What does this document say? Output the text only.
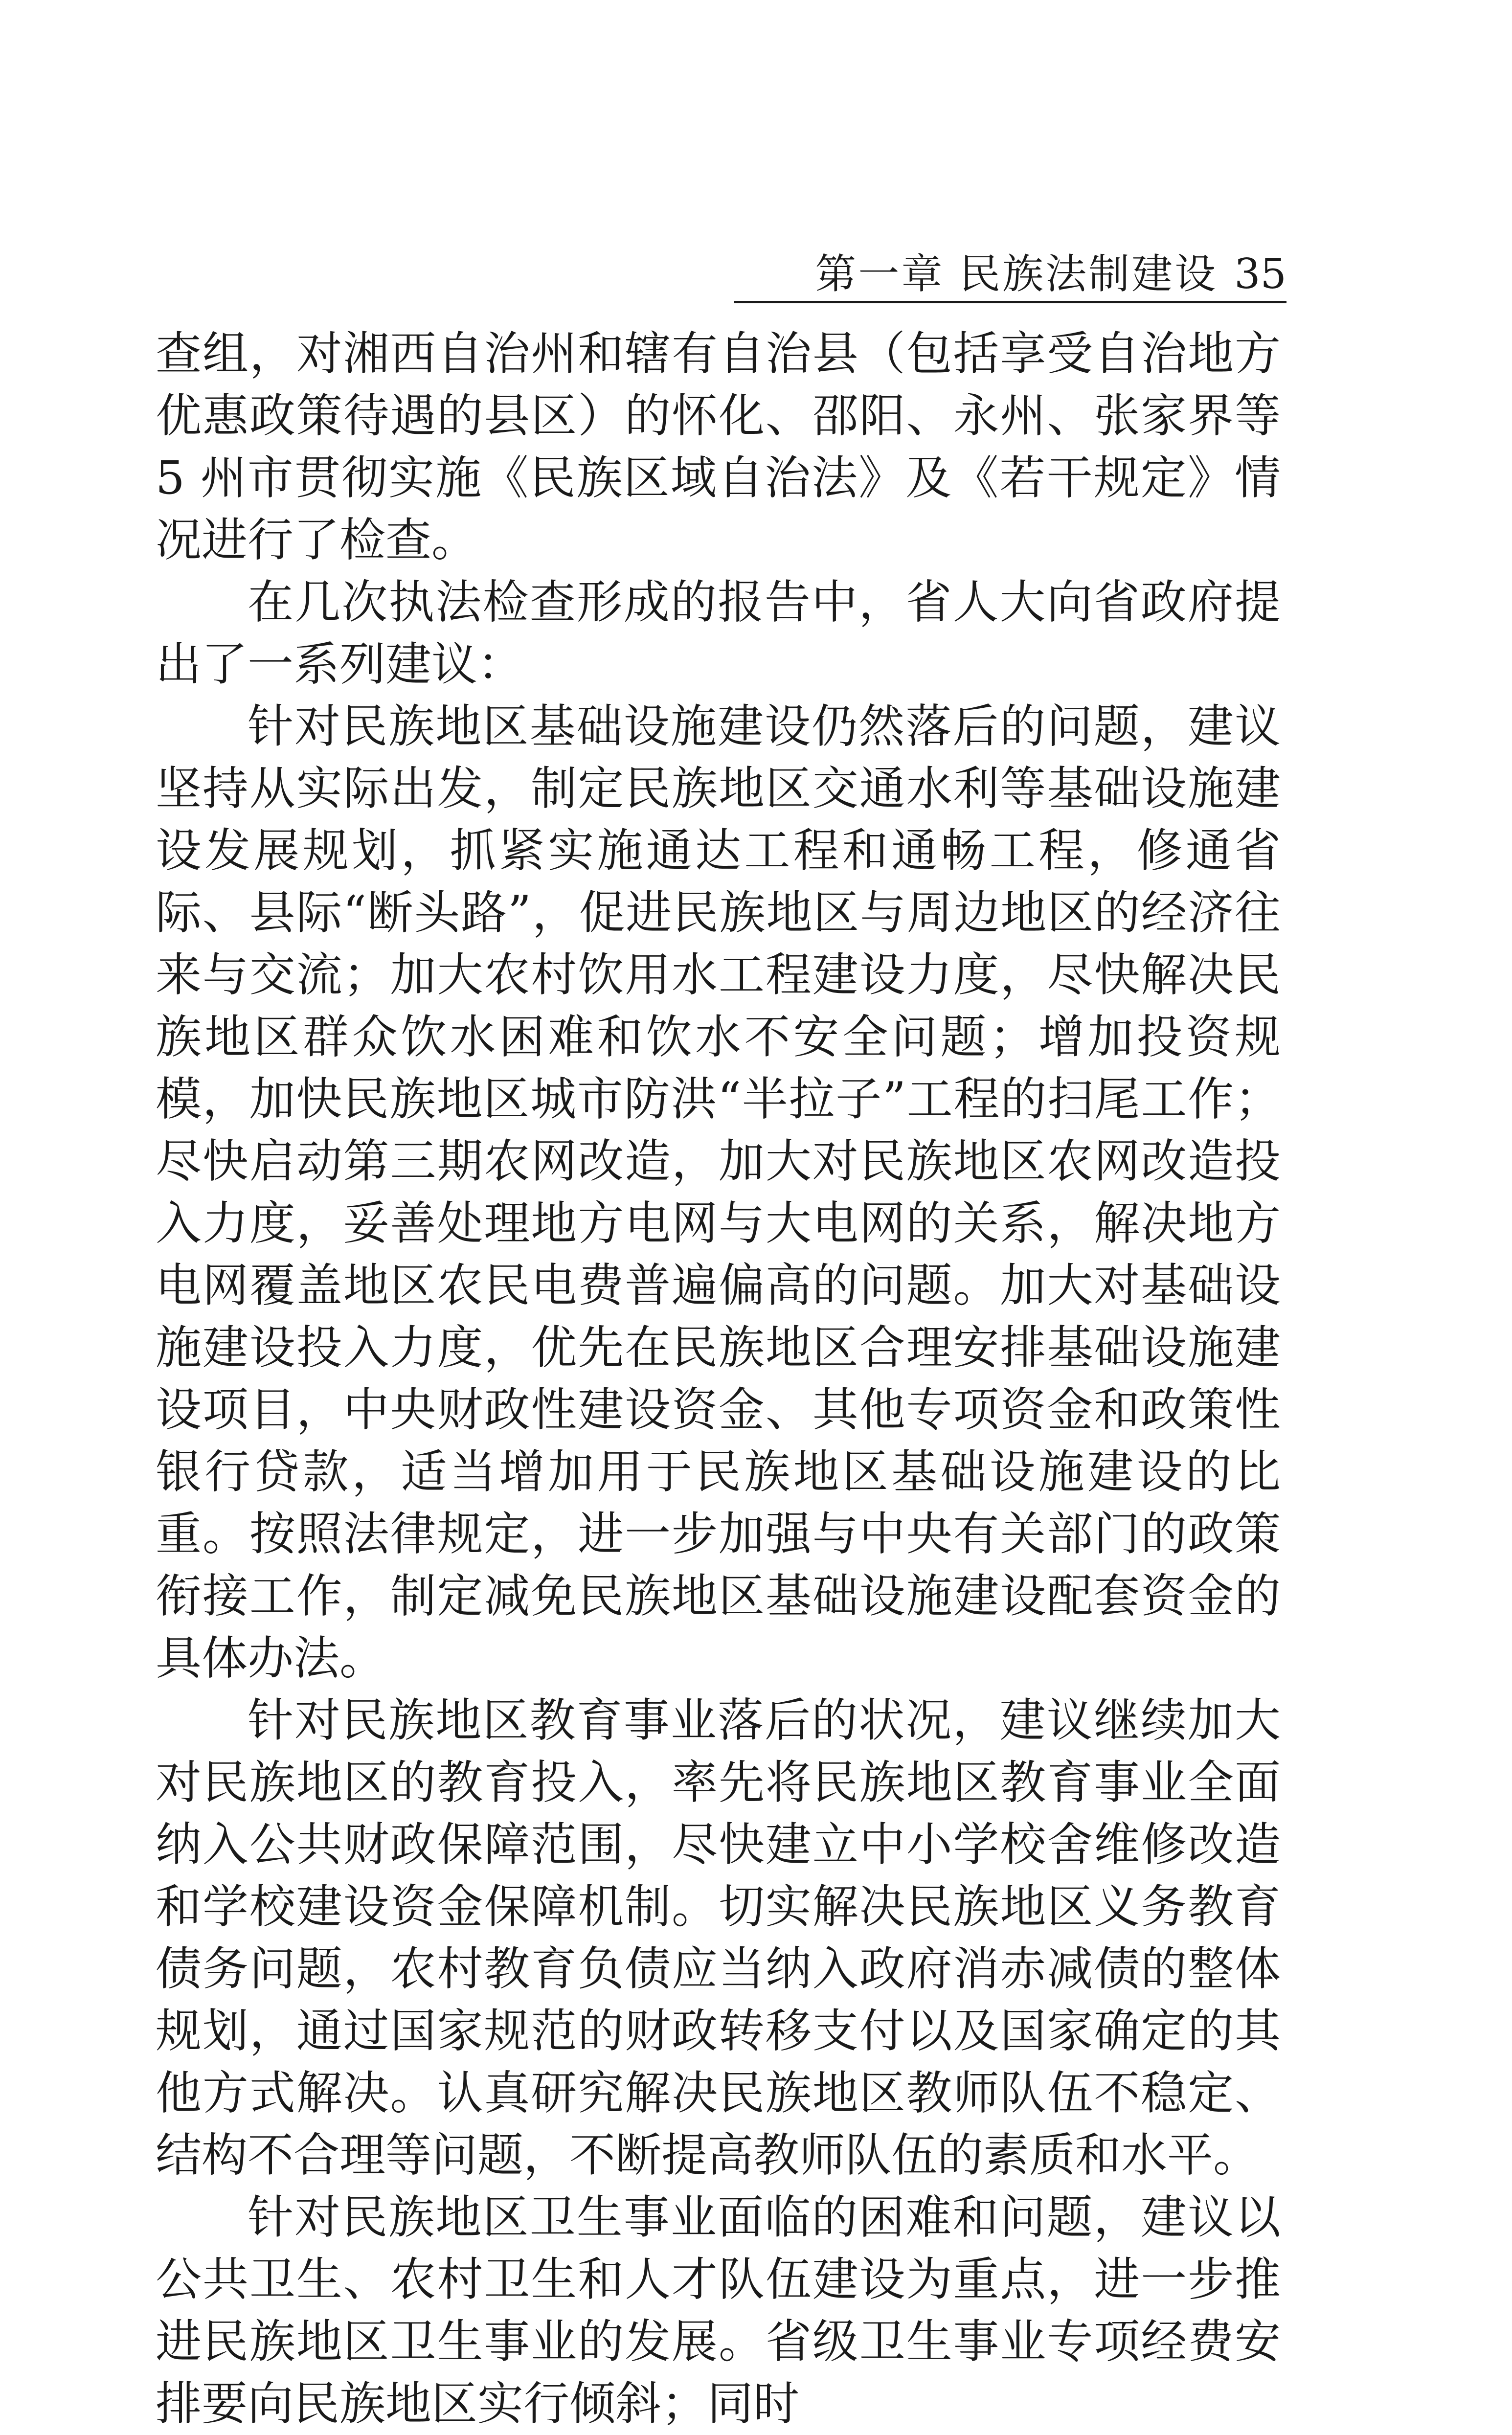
第一章 民族法制建设 35

查组，对湘西自治州和辖有自治县（包括享受自治地方优惠政策待遇的县区）的怀化、邵阳、永州、张家界等 5 州市贯彻实施《民族区域自治法》及《若干规定》情况进行了检查。

在几次执法检查形成的报告中，省人大向省政府提出了一系列建议：

针对民族地区基础设施建设仍然落后的问题，建议坚持从实际出发，制定民族地区交通水利等基础设施建设发展规划，抓紧实施通达工程和通畅工程，修通省际、县际“断头路”，促进民族地区与周边地区的经济往来与交流；加大农村饮用水工程建设力度，尽快解决民族地区群众饮水困难和饮水不安全问题；增加投资规模，加快民族地区城市防洪“半拉子”工程的扫尾工作；尽快启动第三期农网改造，加大对民族地区农网改造投入力度，妥善处理地方电网与大电网的关系，解决地方电网覆盖地区农民电费普遍偏高的问题。加大对基础设施建设投入力度，优先在民族地区合理安排基础设施建设项目，中央财政性建设资金、其他专项资金和政策性银行贷款，适当增加用于民族地区基础设施建设的比重。按照法律规定，进一步加强与中央有关部门的政策衔接工作，制定减免民族地区基础设施建设配套资金的具体办法。

针对民族地区教育事业落后的状况，建议继续加大对民族地区的教育投入，率先将民族地区教育事业全面纳入公共财政保障范围，尽快建立中小学校舍维修改造和学校建设资金保障机制。切实解决民族地区义务教育债务问题，农村教育负债应当纳入政府消赤减债的整体规划，通过国家规范的财政转移支付以及国家确定的其他方式解决。认真研究解决民族地区教师队伍不稳定、结构不合理等问题，不断提高教师队伍的素质和水平。

针对民族地区卫生事业面临的困难和问题，建议以公共卫生、农村卫生和人才队伍建设为重点，进一步推进民族地区卫生事业的发展。省级卫生事业专项经费安排要向民族地区实行倾斜；同时
